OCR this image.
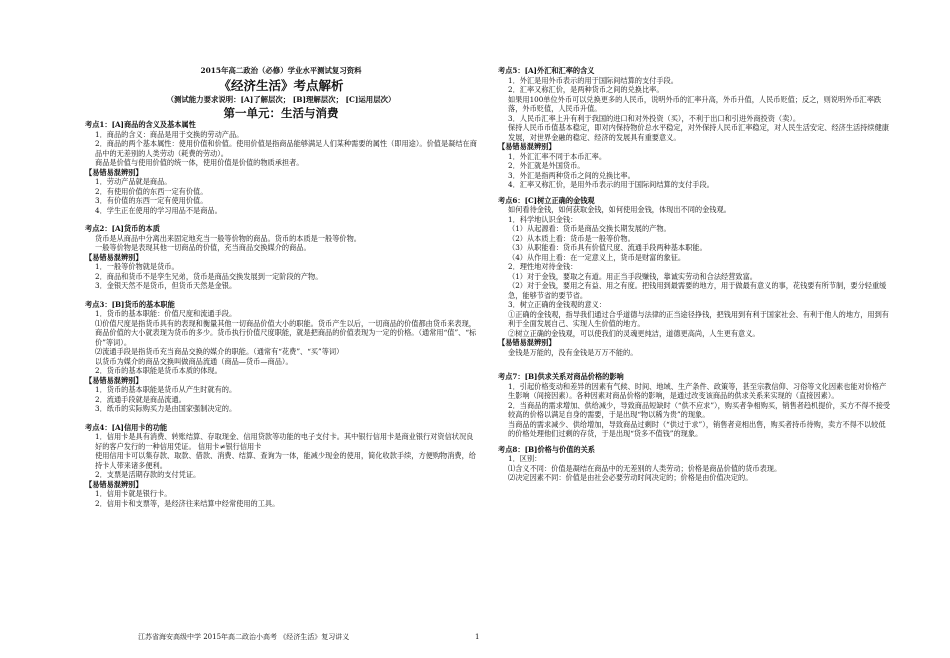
2015年高二政治（必修）学业水平测试复习资料
《经济生活》考点解析
（测试能力要求说明：[A]了解层次； [B]理解层次； [C]运用层次）
第一单元：生活与消费
考点1：[A]商品的含义及基本属性
1．商品的含义：商品是用于交换的劳动产品。
2．商品的两个基本属性：使用价值和价值。使用价值是指商品能够满足人们某种需要的属性（即用途）。价值是凝结在商品中的无差别的人类劳动（耗费的劳动）。
商品是价值与使用价值的统一体，使用价值是价值的物质承担者。
【易错易混辨别】
1．劳动产品就是商品。
2．有使用价值的东西一定有价值。
3．有价值的东西一定有使用价值。
4．学生正在使用的学习用品不是商品。
考点2：[A]货币的本质
货币是从商品中分离出来固定地充当一般等价物的商品。货币的本质是一般等价物。
一般等价物是表现其他一切商品的价值，充当商品交换媒介的商品。
【易错易混辨别】
1．一般等价物就是货币。
2．商品和货币不是孪生兄弟，货币是商品交换发展到一定阶段的产物。
3．金银天然不是货币，但货币天然是金银。
考点3：[B]货币的基本职能
1．货币的基本职能：价值尺度和流通手段。
⑴价值尺度是指货币具有的表现和衡量其他一切商品价值大小的职能。货币产生以后，一切商品的价值都由货币来表现，商品价值的大小就表现为货币的多少。货币执行价值尺度职能，就是把商品的价值表现为一定的价格。（通常用“值”、“标价”等词）。
⑵流通手段是指货币充当商品交换的媒介的职能。（通常有“花费”、“买”等词）
以货币为媒介的商品交换叫做商品流通（商品—货币—商品）。
2．货币的基本职能是货币本质的体现。
【易错易混辨别】
1．货币的基本职能是货币从产生时就有的。
2．流通手段就是商品流通。
3．纸币的实际购买力是由国家强制决定的。
考点4：[A]信用卡的功能
1．信用卡是具有消费、转账结算、存取现金、信用贷款等功能的电子支付卡。其中银行信用卡是商业银行对资信状况良好的客户发行的一种信用凭证。 信用卡≠银行信用卡
使用信用卡可以集存款、取款、借款、消费、结算、查询为一体，能减少现金的使用，简化收款手续，方便购物消费，给持卡人带来诸多便利。
2．支票是活期存款的支付凭证。
【易错易混辨别】
1．信用卡就是银行卡。
2．信用卡和支票等，是经济往来结算中经常使用的工具。
考点5：[A]外汇和汇率的含义
1．外汇是用外币表示的用于国际间结算的支付手段。
2．汇率又称汇价，是两种货币之间的兑换比率。
如果用100单位外币可以兑换更多的人民币，说明外币的汇率升高，外币升值，人民币贬值；反之，则说明外币汇率跌落，外币贬值，人民币升值。
3．人民币汇率上升有利于我国的进口和对外投资（买），不利于出口和引进外商投资（卖）。
保持人民币币值基本稳定，即对内保持物价总水平稳定，对外保持人民币汇率稳定，对人民生活安定、经济生活持续健康发展，对世界金融的稳定、经济的发展具有重要意义。
【易错易混辨别】
1．外汇汇率不同于本币汇率。
2．外汇就是外国货币。
3．外汇是指两种货币之间的兑换比率。
4．汇率又称汇价，是用外币表示的用于国际间结算的支付手段。
考点6：[C]树立正确的金钱观
如何看待金钱，如何获取金钱，如何使用金钱，体现出不同的金钱观。
1．科学地认识金钱：
（1）从起源看：货币是商品交换长期发展的产物。
（2）从本质上看：货币是一般等价物。
（3）从职能看：货币具有价值尺度、流通手段两种基本职能。
（4）从作用上看：在一定意义上，货币是财富的象征。
2．理性地对待金钱：
（1）对于金钱，要取之有道。用正当手段赚钱，靠诚实劳动和合法经营致富。
（2）对于金钱，要用之有益、用之有度。把钱用到最需要的地方，用于做最有意义的事，花钱要有所节制，要分轻重缓急，能够节省的要节省。
3．树立正确的金钱观的意义：
①正确的金钱观，指导我们通过合乎道德与法律的正当途径挣钱，把钱用到有利于国家社会、有利于他人的地方，用到有利于全面发展自己、实现人生价值的地方。
②树立正确的金钱观，可以使我们的灵魂更纯洁，道德更高尚，人生更有意义。
【易错易混辨别】
金钱是万能的，没有金钱是万万不能的。
考点7：[B]供求关系对商品价格的影响
1．引起价格变动和差异的因素有气候、时间、地域、生产条件、政策等，甚至宗教信仰、习俗等文化因素也能对价格产生影响（间接因素）。各种因素对商品价格的影响，是通过改变该商品的供求关系来实现的（直接因素）。
2．当商品的需求增加、供给减少，导致商品短缺时（“供不应求”），购买者争相购买，销售者趋机提价，买方不得不接受较高的价格以满足自身的需要，于是出现“物以稀为贵”的现象。
当商品的需求减少、供给增加，导致商品过剩时（“供过于求”），销售者竞相出售，购买者持币待购，卖方不得不以较低的价格处理他们过剩的存货，于是出现“货多不值钱”的现象。
考点8：[B]价格与价值的关系
1．区别：
⑴含义不同：价值是凝结在商品中的无差别的人类劳动；价格是商品价值的货币表现。
⑵决定因素不同：价值是由社会必要劳动时间决定的；价格是由价值决定的。
江苏省海安高级中学 2015年高二政治小高考 《经济生活》复习讲义	1
